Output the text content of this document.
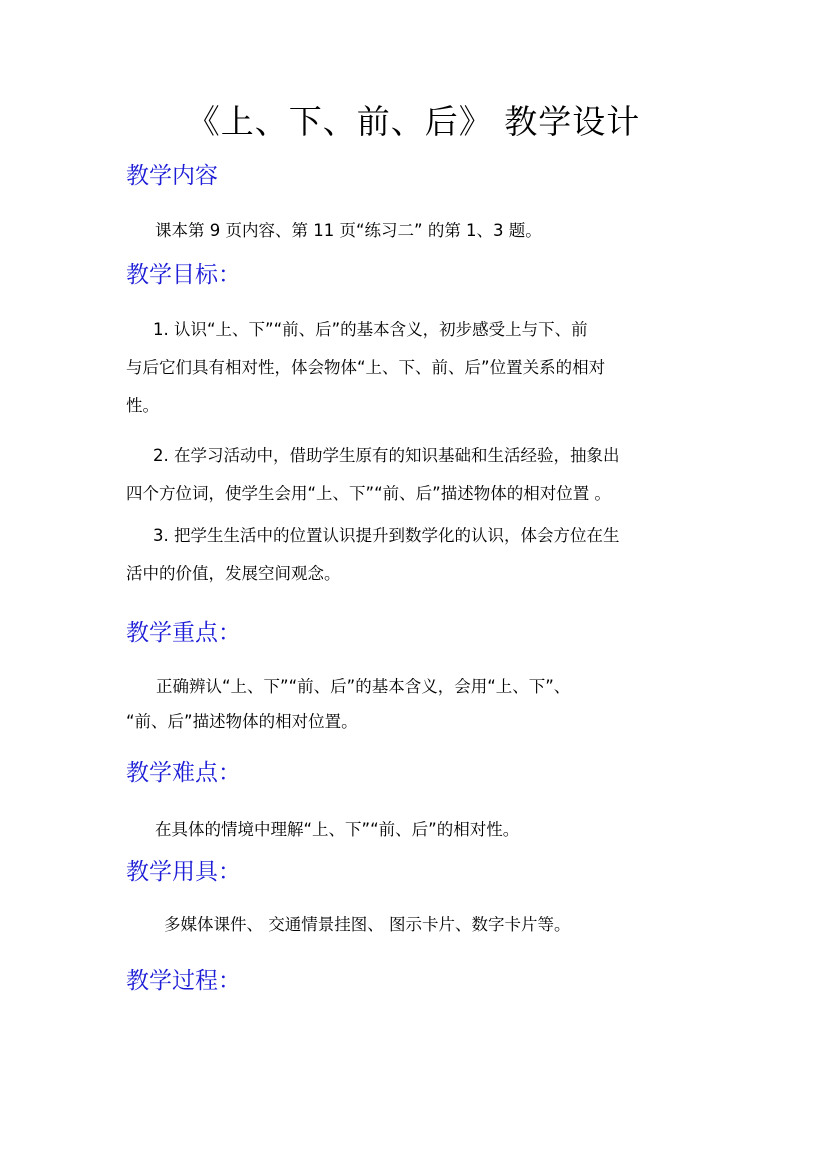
《上、下、前、后》 教学设计
教学内容
课本第 9 页内容、第 11 页“练习二” 的第 1、3 题。
教学目标：
1. 认识“上、下”“前、后”的基本含义，初步感受上与下、前
与后它们具有相对性，体会物体“上、下、前、后”位置关系的相对
性。
2. 在学习活动中，借助学生原有的知识基础和生活经验，抽象出
四个方位词，使学生会用“上、下”“前、后”描述物体的相对位置 。
3. 把学生生活中的位置认识提升到数学化的认识，体会方位在生
活中的价值，发展空间观念。
教学重点：
正确辨认“上、下”“前、后”的基本含义，会用“上、下”、
“前、后”描述物体的相对位置。
教学难点：
在具体的情境中理解“上、下”“前、后”的相对性。
教学用具：
多媒体课件、 交通情景挂图、 图示卡片、数字卡片等。
教学过程：
